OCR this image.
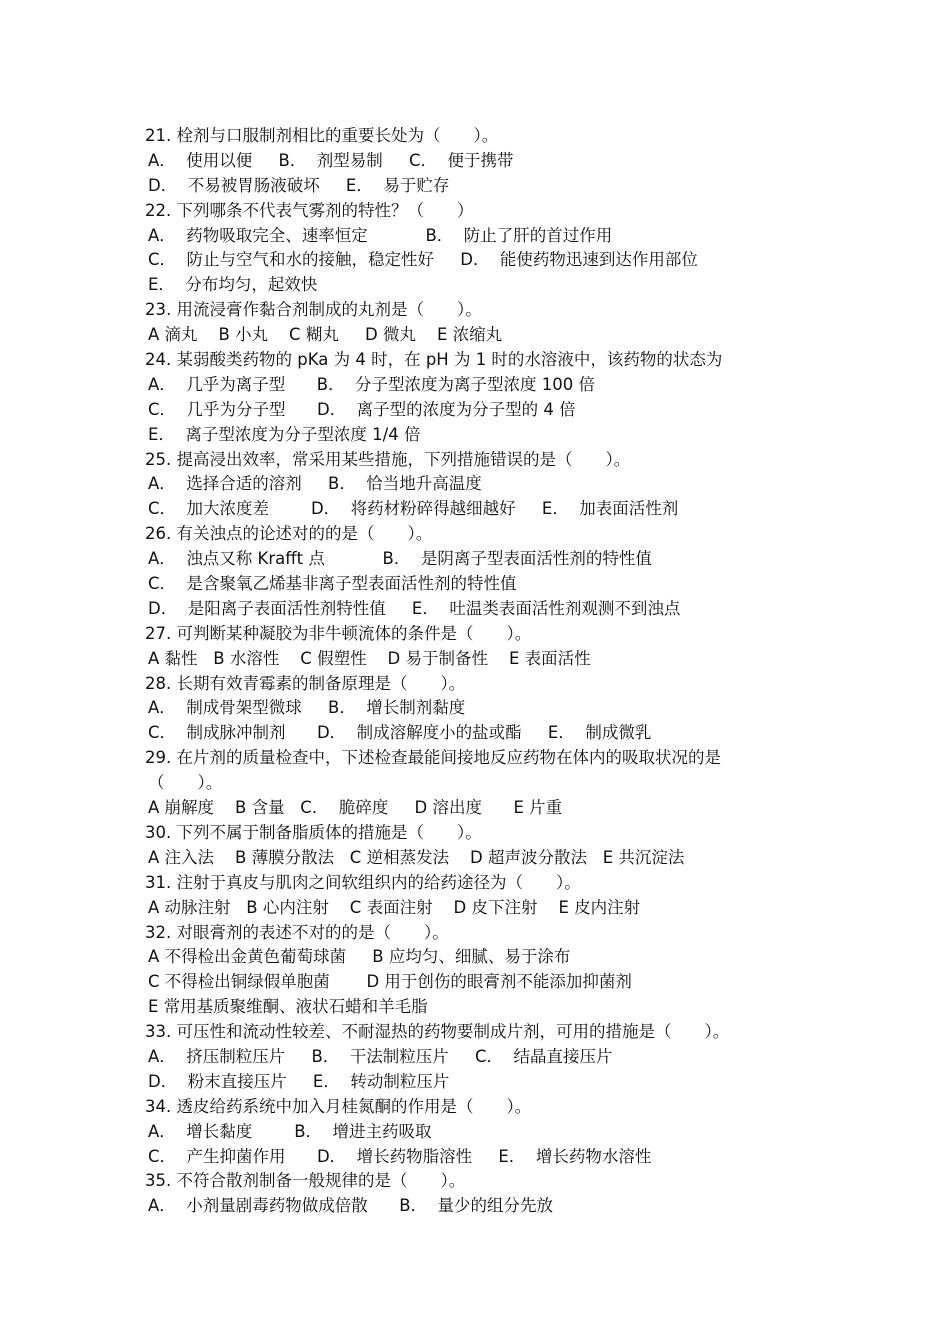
21. 栓剂与口服制剂相比的重要长处为（　　）。
A．  使用以便     B．  剂型易制     C．  便于携带
D．  不易被胃肠液破坏     E．  易于贮存
22. 下列哪条不代表气雾剂的特性？（　　）
A．  药物吸取完全、速率恒定           B．  防止了肝的首过作用
C．  防止与空气和水的接触，稳定性好     D．  能使药物迅速到达作用部位
E．  分布均匀，起效快
23. 用流浸膏作黏合剂制成的丸剂是（　　）。
A 滴丸    B 小丸    C 糊丸     D 微丸    E 浓缩丸
24. 某弱酸类药物的 pKa 为 4 时，在 pH 为 1 时的水溶液中，该药物的状态为
A．  几乎为离子型      B．  分子型浓度为离子型浓度 100 倍
C．  几乎为分子型      D．  离子型的浓度为分子型的 4 倍
E．  离子型浓度为分子型浓度 1/4 倍
25. 提高浸出效率，常采用某些措施，下列措施错误的是（　　）。
A．  选择合适的溶剂     B．  恰当地升高温度
C．  加大浓度差        D．  将药材粉碎得越细越好     E．  加表面活性剂
26. 有关浊点的论述对的的是（　　）。
A．  浊点又称 Krafft 点           B．  是阴离子型表面活性剂的特性值
C．  是含聚氧乙烯基非离子型表面活性剂的特性值
D．  是阳离子表面活性剂特性值     E．  吐温类表面活性剂观测不到浊点
27. 可判断某种凝胶为非牛顿流体的条件是（　　）。
A 黏性   B 水溶性    C 假塑性    D 易于制备性    E 表面活性
28. 长期有效青霉素的制备原理是（　　）。
A．  制成骨架型微球     B．  增长制剂黏度
C．  制成脉冲制剂      D．  制成溶解度小的盐或酯     E．  制成微乳
29. 在片剂的质量检查中，下述检查最能间接地反应药物在体内的吸取状况的是
（　　）。
A 崩解度    B 含量   C．  脆碎度     D 溶出度      E 片重
30. 下列不属于制备脂质体的措施是（　　）。
A 注入法    B 薄膜分散法   C 逆相蒸发法    D 超声波分散法   E 共沉淀法
31. 注射于真皮与肌肉之间软组织内的给药途径为（　　）。
A 动脉注射   B 心内注射    C 表面注射    D 皮下注射    E 皮内注射
32. 对眼膏剂的表述不对的的是（　　）。
A 不得检出金黄色葡萄球菌     B 应均匀、细腻、易于涂布
C 不得检出铜绿假单胞菌       D 用于创伤的眼膏剂不能添加抑菌剂
E 常用基质聚维酮、液状石蜡和羊毛脂
33. 可压性和流动性较差、不耐湿热的药物要制成片剂，可用的措施是（　　）。
A．  挤压制粒压片     B．  干法制粒压片     C．  结晶直接压片
D．  粉末直接压片     E．  转动制粒压片
34. 透皮给药系统中加入月桂氮酮的作用是（　　）。
A．  增长黏度        B．  增进主药吸取
C．  产生抑菌作用      D．  增长药物脂溶性     E．  增长药物水溶性
35. 不符合散剂制备一般规律的是（　　）。
A．  小剂量剧毒药物做成倍散      B．  量少的组分先放
